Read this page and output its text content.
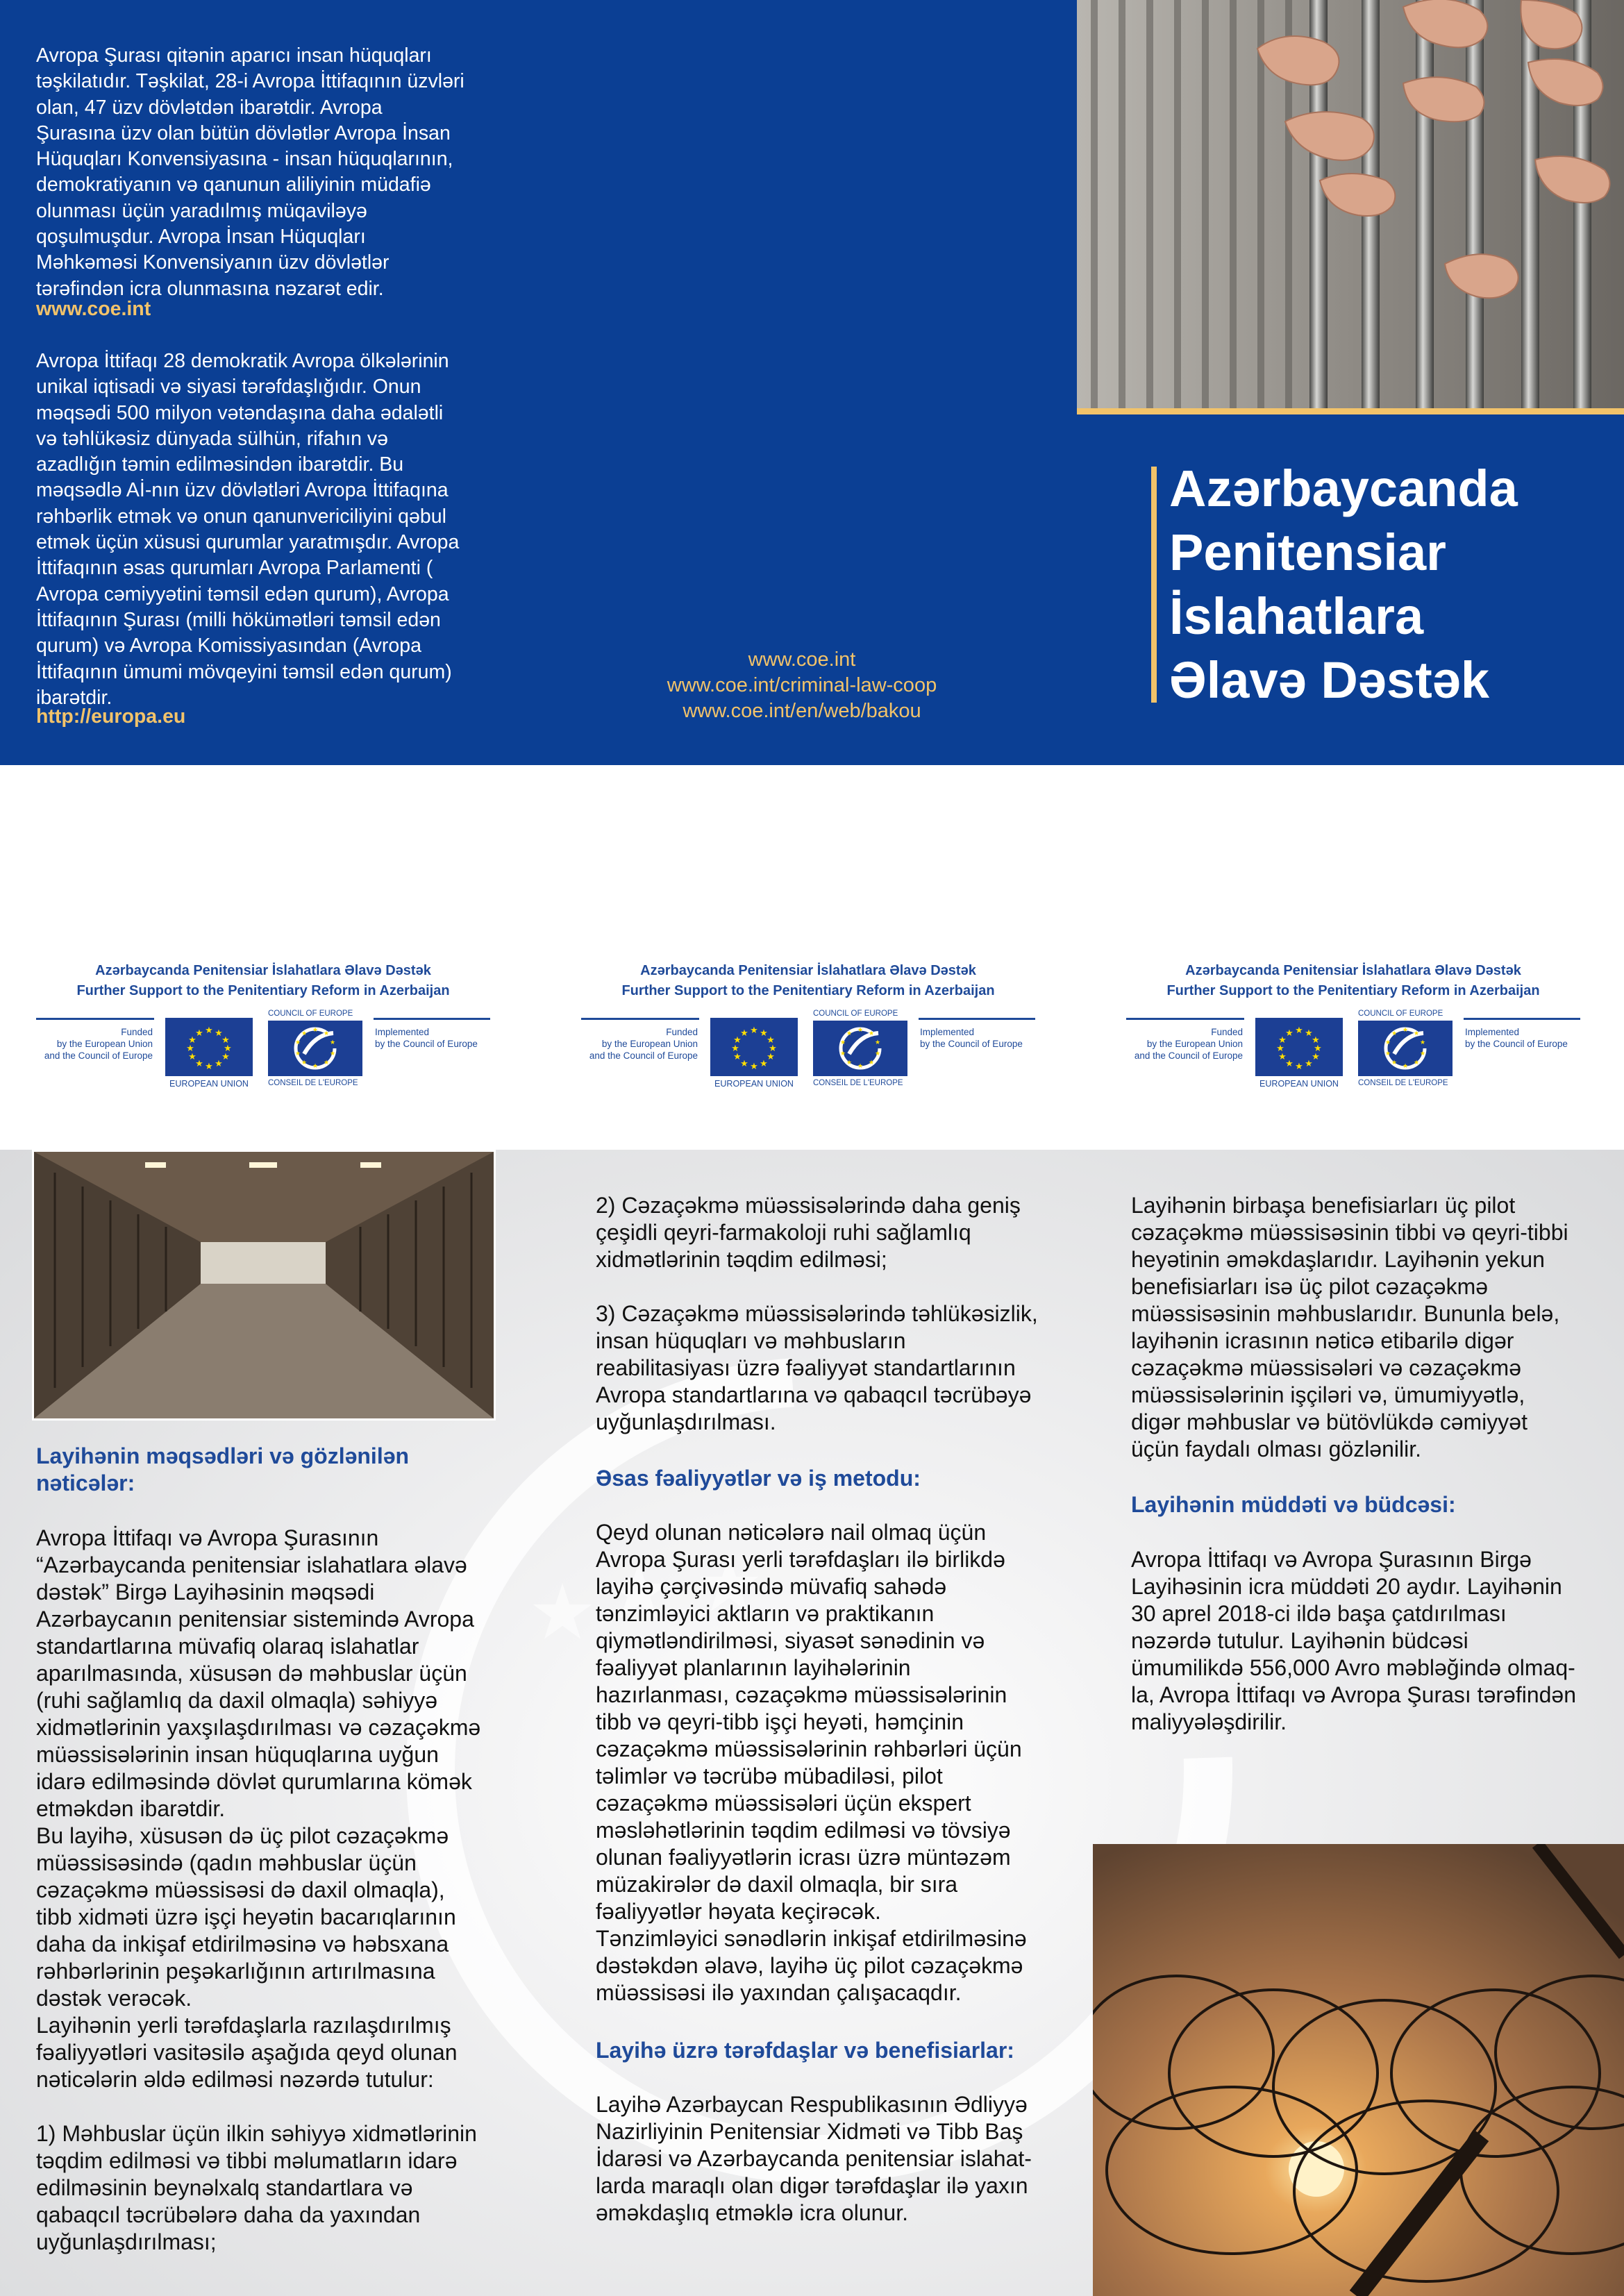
Avropa Şurası qitənin aparıcı insan hüquqları
təşkilatıdır. Təşkilat, 28-i Avropa İttifaqının üzvləri
olan, 47 üzv dövlətdən ibarətdir. Avropa
Şurasına üzv olan bütün dövlətlər Avropa İnsan
Hüquqları Konvensiyasına - insan hüquqlarının,
demokratiyanın və qanunun aliliyinin müdafiə
olunması üçün yaradılmış müqaviləyə
qoşulmuşdur. Avropa İnsan Hüquqları
Məhkəməsi Konvensiyanın üzv dövlətlər
tərəfindən icra olunmasına nəzarət edir.
www.coe.int
Avropa İttifaqı 28 demokratik Avropa ölkələrinin
unikal iqtisadi və siyasi tərəfdaşlığıdır. Onun
məqsədi 500 milyon vətəndaşına daha ədalətli
və təhlükəsiz dünyada sülhün, rifahın və
azadlığın təmin edilməsindən ibarətdir. Bu
məqsədlə Aİ-nın üzv dövlətləri Avropa İttifaqına
rəhbərlik etmək və onun qanunvericiliyini qəbul
etmək üçün xüsusi qurumlar yaratmışdır. Avropa
İttifaqının əsas qurumları Avropa Parlamenti (
Avropa cəmiyyətini təmsil edən qurum), Avropa
İttifaqının Şurası (milli hökümətləri təmsil edən
qurum) və Avropa Komissiyasından (Avropa
İttifaqının ümumi mövqeyini təmsil edən qurum)
ibarətdir.
http://europa.eu
www.coe.int
www.coe.int/criminal-law-coop
www.coe.int/en/web/bakou
Azərbaycanda
Penitensiar
İslahatlara
Əlavə Dəstək
Azərbaycanda Penitensiar İslahatlara Əlavə Dəstək
Further Support to the Penitentiary Reform in Azerbaijan
Funded
by the European Union
and the Council of Europe
★ ★
★
★
★
★
★
★
★
★
★
★
EUROPEAN UNION
COUNCIL OF EUROPE
★ ★
★
★
★
★
★
★
★
★
CONSEIL DE L'EUROPE
Implemented
by the Council of Europe
Azərbaycanda Penitensiar İslahatlara Əlavə Dəstək
Further Support to the Penitentiary Reform in Azerbaijan
Funded
by the European Union
and the Council of Europe
★ ★
★
★
★
★
★
★
★
★
★
★
EUROPEAN UNION
COUNCIL OF EUROPE
★ ★
★
★
★
★
★
★
★
★
CONSEIL DE L'EUROPE
Implemented
by the Council of Europe
Azərbaycanda Penitensiar İslahatlara Əlavə Dəstək
Further Support to the Penitentiary Reform in Azerbaijan
Funded
by the European Union
and the Council of Europe
★ ★
★
★
★
★
★
★
★
★
★
★
EUROPEAN UNION
COUNCIL OF EUROPE
★ ★
★
★
★
★
★
★
★
★
CONSEIL DE L'EUROPE
Implemented
by the Council of Europe
★ ★ ★
Layihənin məqsədləri və gözlənilən
nəticələr:
Avropa İttifaqı və Avropa Şurasının
“Azərbaycanda penitensiar islahatlara əlavə
dəstək” Birgə Layihəsinin məqsədi
Azərbaycanın penitensiar sistemində Avropa
standartlarına müvafiq olaraq islahatlar
aparılmasında, xüsusən də məhbuslar üçün
(ruhi sağlamlıq da daxil olmaqla) səhiyyə
xidmətlərinin yaxşılaşdırılması və cəzaçəkmə
müəssisələrinin insan hüquqlarına uyğun
idarə edilməsində dövlət qurumlarına kömək
etməkdən ibarətdir.
Bu layihə, xüsusən də üç pilot cəzaçəkmə
müəssisəsində (qadın məhbuslar üçün
cəzaçəkmə müəssisəsi də daxil olmaqla),
tibb xidməti üzrə işçi heyətin bacarıqlarının
daha da inkişaf etdirilməsinə və həbsxana
rəhbərlərinin peşəkarlığının artırılmasına
dəstək verəcək.
Layihənin yerli tərəfdaşlarla razılaşdırılmış
fəaliyyətləri vasitəsilə aşağıda qeyd olunan
nəticələrin əldə edilməsi nəzərdə tutulur:

1) Məhbuslar üçün ilkin səhiyyə xidmətlərinin
təqdim edilməsi və tibbi məlumatların idarə
edilməsinin beynəlxalq standartlara və
qabaqcıl təcrübələrə daha da yaxından
uyğunlaşdırılması;
2) Cəzaçəkmə müəssisələrində daha geniş
çeşidli qeyri-farmakoloji ruhi sağlamlıq
xidmətlərinin təqdim edilməsi;

3) Cəzaçəkmə müəssisələrində təhlükəsizlik,
insan hüquqları və məhbusların
reabilitasiyası üzrə fəaliyyət standartlarının
Avropa standartlarına və qabaqcıl təcrübəyə
uyğunlaşdırılması.
Əsas fəaliyyətlər və iş metodu:
Qeyd olunan nəticələrə nail olmaq üçün
Avropa Şurası yerli tərəfdaşları ilə birlikdə
layihə çərçivəsində müvafiq sahədə
tənzimləyici aktların və praktikanın
qiymətləndirilməsi, siyasət sənədinin və
fəaliyyət planlarının layihələrinin
hazırlanması, cəzaçəkmə müəssisələrinin
tibb və qeyri-tibb işçi heyəti, həmçinin
cəzaçəkmə müəssisələrinin rəhbərləri üçün
təlimlər və təcrübə mübadiləsi, pilot
cəzaçəkmə müəssisələri üçün ekspert
məsləhətlərinin təqdim edilməsi və tövsiyə
olunan fəaliyyətlərin icrası üzrə müntəzəm
müzakirələr də daxil olmaqla, bir sıra
fəaliyyətlər həyata keçirəcək.
Tənzimləyici sənədlərin inkişaf etdirilməsinə
dəstəkdən əlavə, layihə üç pilot cəzaçəkmə
müəssisəsi ilə yaxından çalışacaqdır.
Layihə üzrə tərəfdaşlar və benefisiarlar:
Layihə Azərbaycan Respublikasının Ədliyyə
Nazirliyinin Penitensiar Xidməti və Tibb Baş
İdarəsi və Azərbaycanda penitensiar islahat-
larda maraqlı olan digər tərəfdaşlar ilə yaxın
əməkdaşlıq etməklə icra olunur.
Layihənin birbaşa benefisiarları üç pilot
cəzaçəkmə müəssisəsinin tibbi və qeyri-tibbi
heyətinin əməkdaşlarıdır. Layihənin yekun
benefisiarları isə üç pilot cəzaçəkmə
müəssisəsinin məhbuslarıdır. Bununla belə,
layihənin icrasının nəticə etibarilə digər
cəzaçəkmə müəssisələri və cəzaçəkmə
müəssisələrinin işçiləri və, ümumiyyətlə,
digər məhbuslar və bütövlükdə cəmiyyət
üçün faydalı olması gözlənilir.
Layihənin müddəti və büdcəsi:
Avropa İttifaqı və Avropa Şurasının Birgə
Layihəsinin icra müddəti 20 aydır. Layihənin
30 aprel 2018-ci ildə başa çatdırılması
nəzərdə tutulur. Layihənin büdcəsi
ümumilikdə 556,000 Avro məbləğində olmaq-
la, Avropa İttifaqı və Avropa Şurası tərəfindən
maliyyələşdirilir.
